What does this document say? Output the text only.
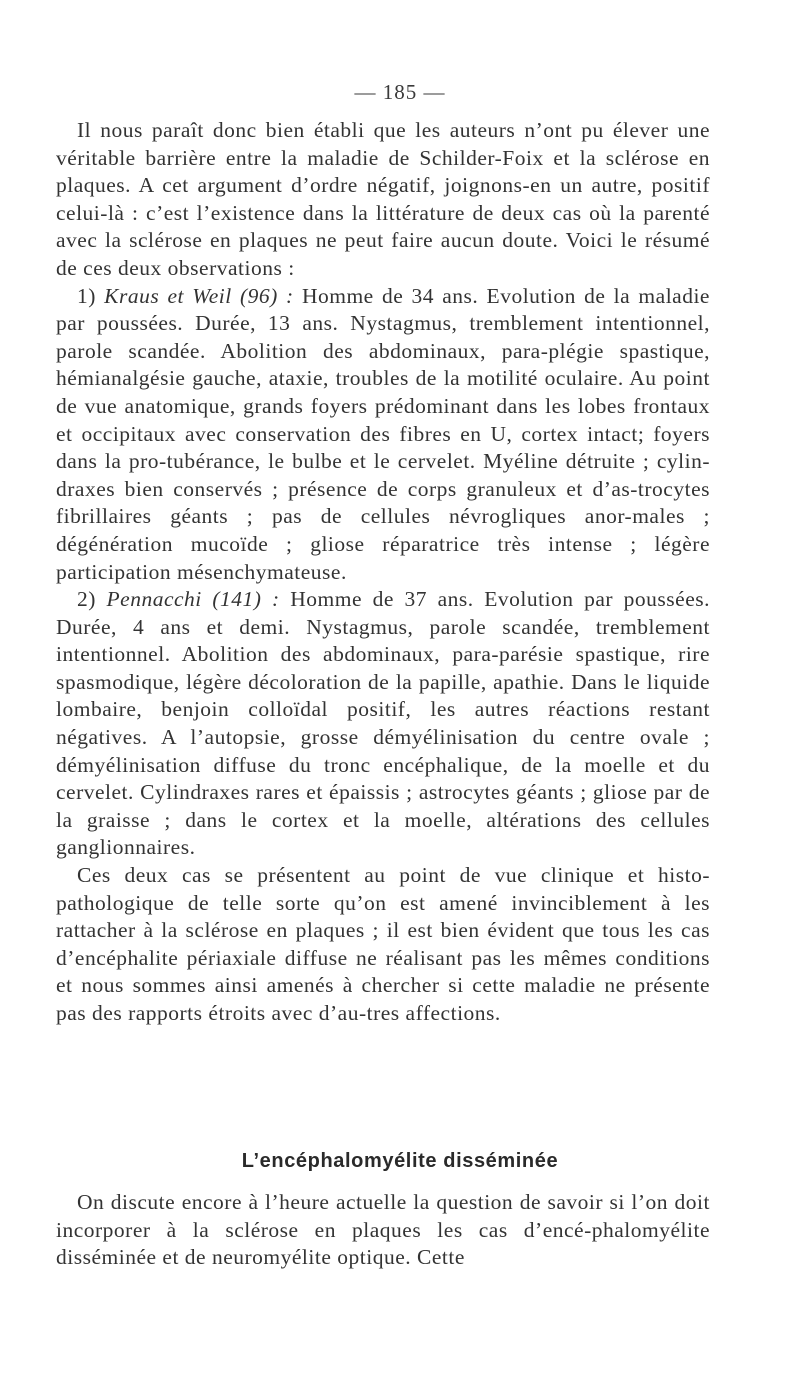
— 185 —

Il nous paraît donc bien établi que les auteurs n’ont pu élever une véritable barrière entre la maladie de Schilder-Foix et la sclérose en plaques. A cet argument d’ordre négatif, joignons-en un autre, positif celui-là : c’est l’existence dans la littérature de deux cas où la parenté avec la sclérose en plaques ne peut faire aucun doute. Voici le résumé de ces deux observations :

1) Kraus et Weil (96) : Homme de 34 ans. Evolution de la maladie par poussées. Durée, 13 ans. Nystagmus, tremblement intentionnel, parole scandée. Abolition des abdominaux, para-plégie spastique, hémianalgésie gauche, ataxie, troubles de la motilité oculaire. Au point de vue anatomique, grands foyers prédominant dans les lobes frontaux et occipitaux avec conservation des fibres en U, cortex intact; foyers dans la pro-tubérance, le bulbe et le cervelet. Myéline détruite ; cylin-draxes bien conservés ; présence de corps granuleux et d’as-trocytes fibrillaires géants ; pas de cellules névrogliques anor-males ; dégénération mucoïde ; gliose réparatrice très intense ; légère participation mésenchymateuse.

2) Pennacchi (141) : Homme de 37 ans. Evolution par poussées. Durée, 4 ans et demi. Nystagmus, parole scandée, tremblement intentionnel. Abolition des abdominaux, para-parésie spastique, rire spasmodique, légère décoloration de la papille, apathie. Dans le liquide lombaire, benjoin colloïdal positif, les autres réactions restant négatives. A l’autopsie, grosse démyélinisation du centre ovale ; démyélinisation diffuse du tronc encéphalique, de la moelle et du cervelet. Cylindraxes rares et épaissis ; astrocytes géants ; gliose par de la graisse ; dans le cortex et la moelle, altérations des cellules ganglionnaires.

Ces deux cas se présentent au point de vue clinique et histo-pathologique de telle sorte qu’on est amené invinciblement à les rattacher à la sclérose en plaques ; il est bien évident que tous les cas d’encéphalite périaxiale diffuse ne réalisant pas les mêmes conditions et nous sommes ainsi amenés à chercher si cette maladie ne présente pas des rapports étroits avec d’au-tres affections.

L’encéphalomyélite disséminée

On discute encore à l’heure actuelle la question de savoir si l’on doit incorporer à la sclérose en plaques les cas d’encé-phalomyélite disséminée et de neuromyélite optique. Cette
